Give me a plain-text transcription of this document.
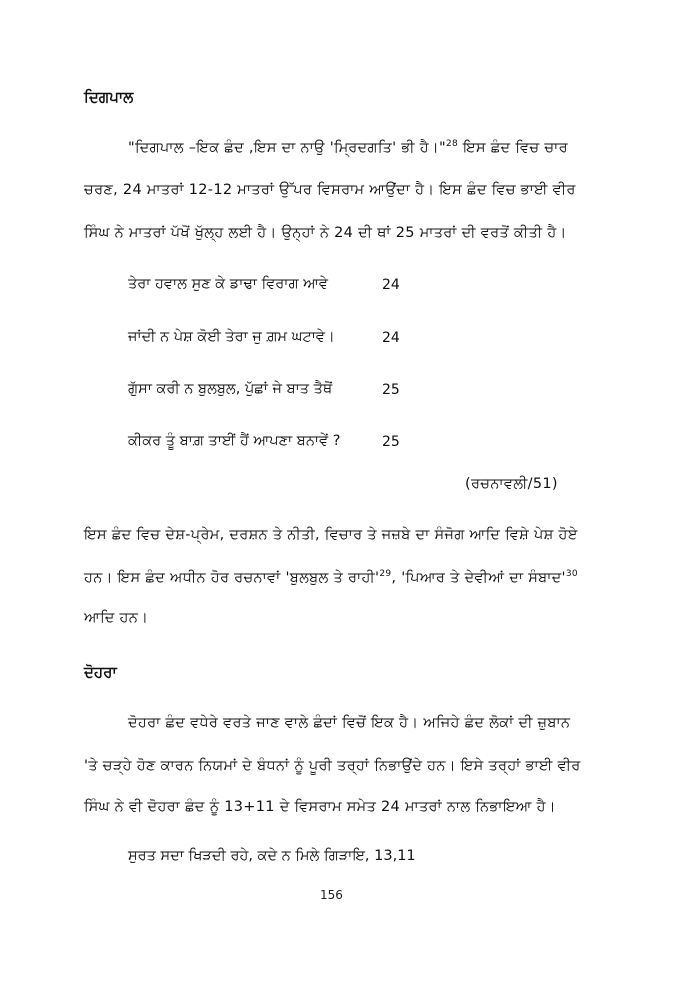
ਦਿਗਪਾਲ
"ਦਿਗਪਾਲ –ਇਕ ਛੰਦ ,ਇਸ ਦਾ ਨਾਉ 'ਮ੍ਰਿਦਗਤਿ' ਭੀ ਹੈ।"$^{28}$ ਇਸ ਛੰਦ ਵਿਚ ਚਾਰ
ਚਰਣ, 24 ਮਾਤਰਾਂ 12-12 ਮਾਤਰਾਂ ਉੱਪਰ ਵਿਸਰਾਮ ਆਉਂਦਾ ਹੈ। ਇਸ ਛੰਦ ਵਿਚ ਭਾਈ ਵੀਰ
ਸਿੰਘ ਨੇ ਮਾਤਰਾਂ ਪੱਖੋਂ ਖੁੱਲ੍ਹ ਲਈ ਹੈ। ਉਨ੍ਹਾਂ ਨੇ 24 ਦੀ ਥਾਂ 25 ਮਾਤਰਾਂ ਦੀ ਵਰਤੋਂ ਕੀਤੀ ਹੈ।
ਤੇਰਾ ਹਵਾਲ ਸੁਣ ਕੇ ਡਾਢਾ ਵਿਰਾਗ ਆਵੇ	24
ਜਾਂਦੀ ਨ ਪੇਸ਼ ਕੋਈ ਤੇਰਾ ਜੁ ਗ਼ਮ ਘਟਾਵੇ।	24
ਗੁੱਸਾ ਕਰੀ ਨ ਬੁਲਬੁਲ, ਪੁੱਛਾਂ ਜੇ ਬਾਤ ਤੈਥੋਂ	25
ਕੀਕਰ ਤੂੰ ਬਾਗ਼ ਤਾਈਂ ਹੈਂ ਆਪਣਾ ਬਨਾਵੇਂ ?	25
(ਰਚਨਾਵਲੀ/51)
ਇਸ ਛੰਦ ਵਿਚ ਦੇਸ਼-ਪ੍ਰੇਮ, ਦਰਸ਼ਨ ਤੇ ਨੀਤੀ, ਵਿਚਾਰ ਤੇ ਜਜ਼ਬੇ ਦਾ ਸੰਜੋਗ ਆਦਿ ਵਿਸ਼ੇ ਪੇਸ਼ ਹੋਏ
ਹਨ। ਇਸ ਛੰਦ ਅਧੀਨ ਹੋਰ ਰਚਨਾਵਾਂ 'ਬੁਲਬੁਲ ਤੇ $ਰਾਹੀ'^{29}$, 'ਪਿਆਰ ਤੇ ਦੇਵੀਆਂ ਦਾ $ਸੰਬਾਦ'^{30}$
ਆਦਿ ਹਨ।
ਦੋਹਰਾ
ਦੋਹਰਾ ਛੰਦ ਵਧੇਰੇ ਵਰਤੇ ਜਾਣ ਵਾਲੇ ਛੰਦਾਂ ਵਿਚੋਂ ਇਕ ਹੈ। ਅਜਿਹੇ ਛੰਦ ਲੋਕਾਂ ਦੀ ਜ਼ੁਬਾਨ
'ਤੇ ਚੜ੍ਹੇ ਹੋਣ ਕਾਰਨ ਨਿਯਮਾਂ ਦੇ ਬੰਧਨਾਂ ਨੂੰ ਪੂਰੀ ਤਰ੍ਹਾਂ ਨਿਭਾਉਂਦੇ ਹਨ। ਇਸੇ ਤਰ੍ਹਾਂ ਭਾਈ ਵੀਰ
ਸਿੰਘ ਨੇ ਵੀ ਦੋਹਰਾ ਛੰਦ ਨੂੰ 13+11 ਦੇ ਵਿਸਰਾਮ ਸਮੇਤ 24 ਮਾਤਰਾਂ ਨਾਲ ਨਿਭਾਇਆ ਹੈ।
ਸੁਰਤ ਸਦਾ ਖਿੜਦੀ ਰਹੇ, ਕਦੇ ਨ ਮਿਲੇ ਗਿੜਾਇ, 13,11
156
